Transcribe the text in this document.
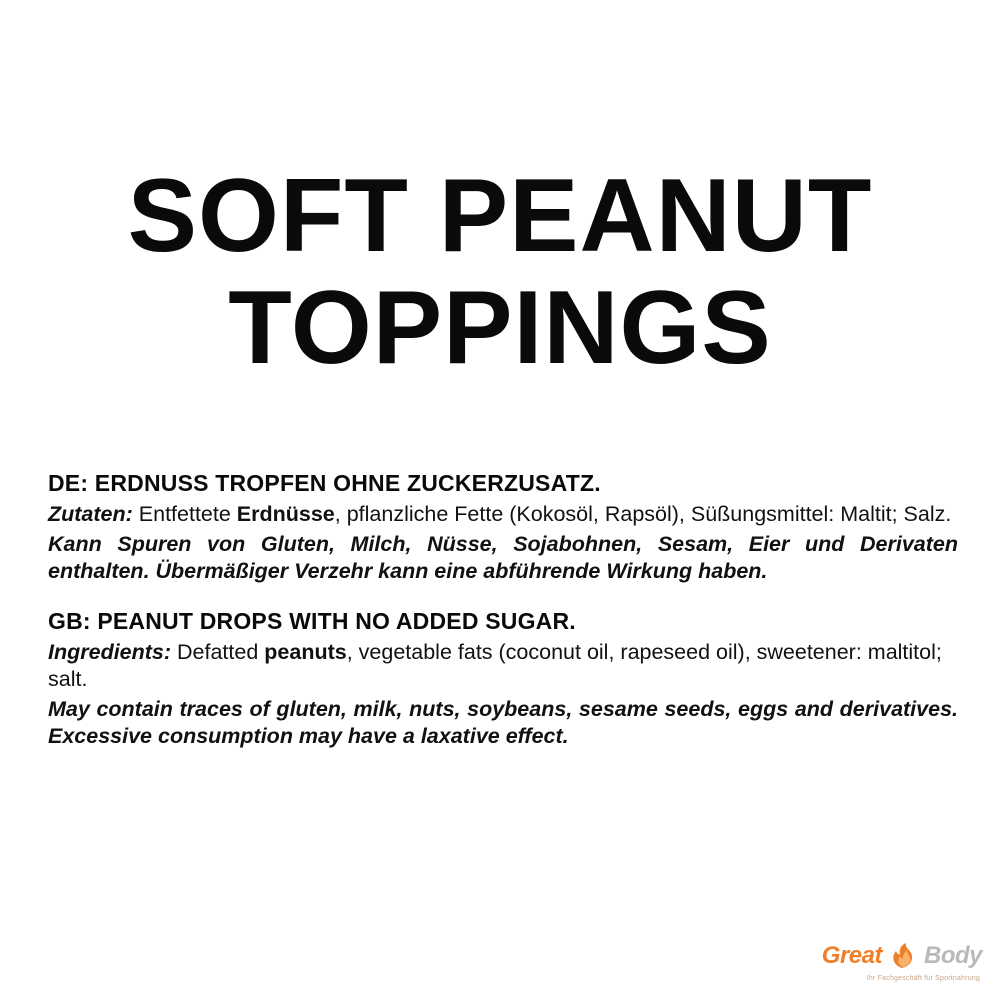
SOFT PEANUT
TOPPINGS

DE: ERDNUSS TROPFEN OHNE ZUCKERZUSATZ.

Zutaten: Entfettete Erdnüsse, pflanzliche Fette (Kokosöl, Rapsöl), Süßungsmittel: Maltit; Salz.

Kann Spuren von Gluten, Milch, Nüsse, Sojabohnen, Sesam, Eier und Derivaten enthalten. Übermäßiger Verzehr kann eine abführende Wirkung haben.

GB: PEANUT DROPS WITH NO ADDED SUGAR.

Ingredients: Defatted peanuts, vegetable fats (coconut oil, rapeseed oil), sweetener: maltitol; salt.

May contain traces of gluten, milk, nuts, soybeans, sesame seeds, eggs and derivatives. Excessive consumption may have a laxative effect.

Great Body
Ihr Fachgeschäft für Sportnahrung
